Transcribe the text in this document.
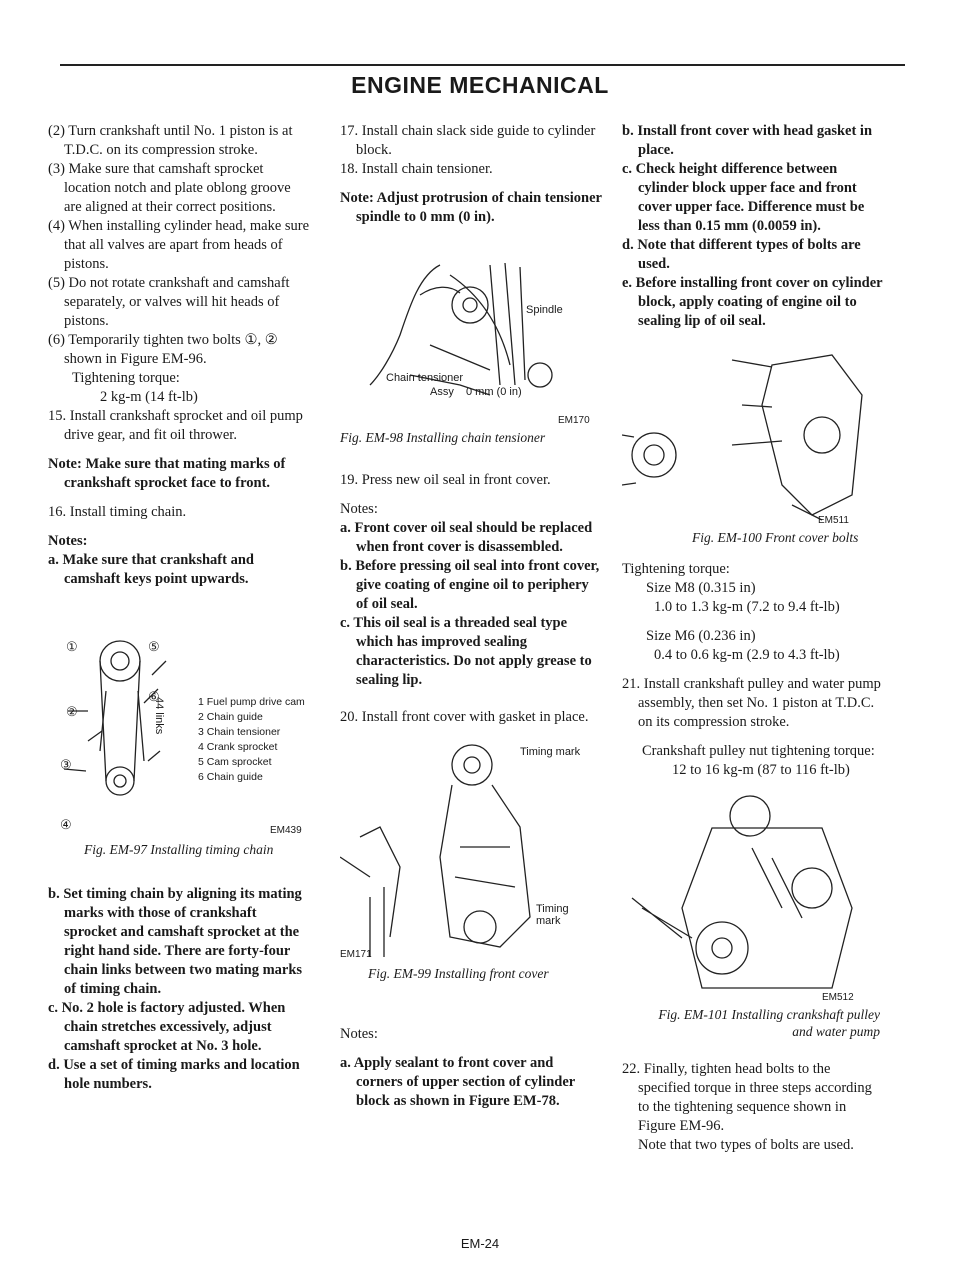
ENGINE MECHANICAL

(2) Turn crankshaft until No. 1 piston is at T.D.C. on its compression stroke.

(3) Make sure that camshaft sprocket location notch and plate oblong groove are aligned at their correct positions.

(4) When installing cylinder head, make sure that all valves are apart from heads of pistons.

(5) Do not rotate crankshaft and camshaft separately, or valves will hit heads of pistons.

(6) Temporarily tighten two bolts ①, ② shown in Figure EM-96.

Tightening torque:

2 kg-m (14 ft-lb)

15. Install crankshaft sprocket and oil pump drive gear, and fit oil thrower.

Note: Make sure that mating marks of crankshaft sprocket face to front.

16. Install timing chain.

Notes:

a. Make sure that crankshaft and camshaft keys point upwards.

①	⑤
②
⑥
③
④
44 links	1 Fuel pump drive cam
2 Chain guide
3 Chain tensioner
4 Crank sprocket
5 Cam sprocket
6 Chain guide
EM439
Fig. EM-97 Installing timing chain

b. Set timing chain by aligning its mating marks with those of crankshaft sprocket and camshaft sprocket at the right hand side. There are forty-four chain links between two mating marks of timing chain.

c. No. 2 hole is factory adjusted. When chain stretches excessively, adjust camshaft sprocket at No. 3 hole.

d. Use a set of timing marks and location hole numbers.

17. Install chain slack side guide to cylinder block.

18. Install chain tensioner.

Note: Adjust protrusion of chain tensioner spindle to 0 mm (0 in).

Spindle
Chain tensioner
Assy 0 mm (0 in)
EM170
Fig. EM-98 Installing chain tensioner

19. Press new oil seal in front cover.

Notes:

a. Front cover oil seal should be replaced when front cover is disassembled.

b. Before pressing oil seal into front cover, give coating of engine oil to periphery of oil seal.

c. This oil seal is a threaded seal type which has improved sealing characteristics. Do not apply grease to sealing lip.

20. Install front cover with gasket in place.

Timing mark
Timing mark
EM171
Fig. EM-99 Installing front cover

Notes:

a. Apply sealant to front cover and corners of upper section of cylinder block as shown in Figure EM-78.

b. Install front cover with head gasket in place.

c. Check height difference between cylinder block upper face and front cover upper face. Difference must be less than 0.15 mm (0.0059 in).

d. Note that different types of bolts are used.

e. Before installing front cover on cylinder block, apply coating of engine oil to sealing lip of oil seal.

EM511
Fig. EM-100 Front cover bolts

Tightening torque:

Size M8 (0.315 in)

1.0 to 1.3 kg-m (7.2 to 9.4 ft-lb)

Size M6 (0.236 in)

0.4 to 0.6 kg-m (2.9 to 4.3 ft-lb)

21. Install crankshaft pulley and water pump assembly, then set No. 1 piston at T.D.C. on its compression stroke.

Crankshaft pulley nut tightening torque:

12 to 16 kg-m (87 to 116 ft-lb)

EM512
Fig. EM-101 Installing crankshaft pulley and water pump

22. Finally, tighten head bolts to the specified torque in three steps according to the tightening sequence shown in Figure EM-96.

Note that two types of bolts are used.

EM-24
